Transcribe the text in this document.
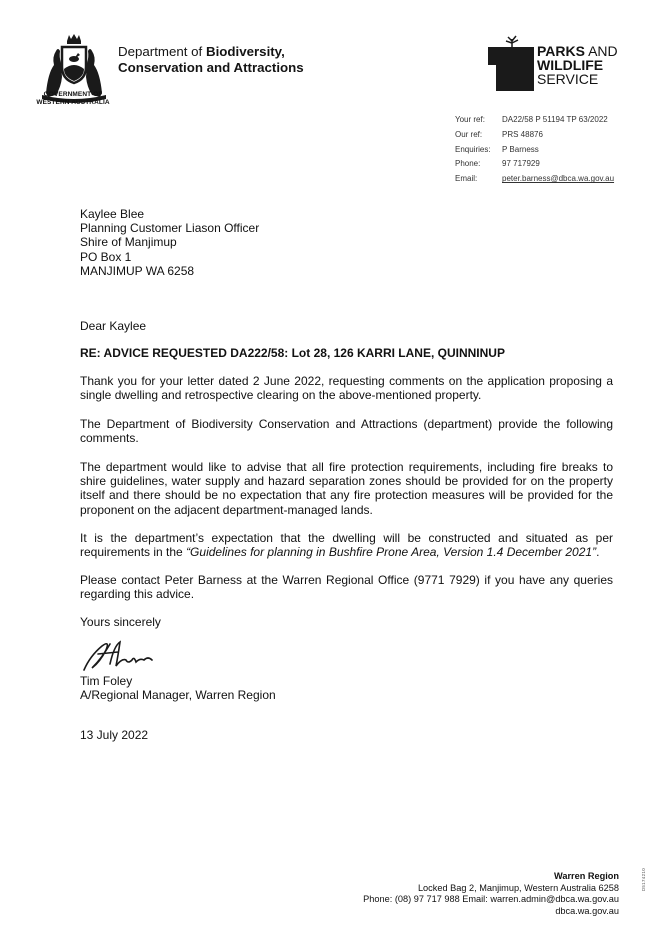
GOVERNMENT OF
WESTERN AUSTRALIA
Department of Biodiversity,
Conservation and Attractions
PARKS AND
WILDLIFE
SERVICE
Your ref:	DA22/58 P 51194 TP 63/2022
Our ref:	PRS 48876
Enquiries:	P Barness
Phone:	97 717929
Email:	peter.barness@dbca.wa.gov.au
Kaylee Blee
Planning Customer Liason Officer
Shire of Manjimup
PO Box 1
MANJIMUP WA 6258

Dear Kaylee

RE: ADVICE REQUESTED DA222/58: Lot 28, 126 KARRI LANE, QUINNINUP

Thank you for your letter dated 2 June 2022, requesting comments on the application proposing a single dwelling and retrospective clearing on the above-mentioned property.

The Department of Biodiversity Conservation and Attractions (department) provide the following comments.

The department would like to advise that all fire protection requirements, including fire breaks to shire guidelines, water supply and hazard separation zones should be provided for on the property itself and there should be no expectation that any fire protection measures will be provided for the proponent on the adjacent department-managed lands.

It is the department’s expectation that the dwelling will be constructed and situated as per requirements in the “Guidelines for planning in Bushfire Prone Area, Version 1.4 December 2021”.

Please contact Peter Barness at the Warren Regional Office (9771 7929) if you have any queries regarding this advice.

Yours sincerely

Tim Foley
A/Regional Manager, Warren Region

13 July 2022

Warren Region
Locked Bag 2, Manjimup, Western Australia 6258
Phone: (08) 97 717 988 Email: warren.admin@dbca.wa.gov.au
dbca.wa.gov.au
D5174210
